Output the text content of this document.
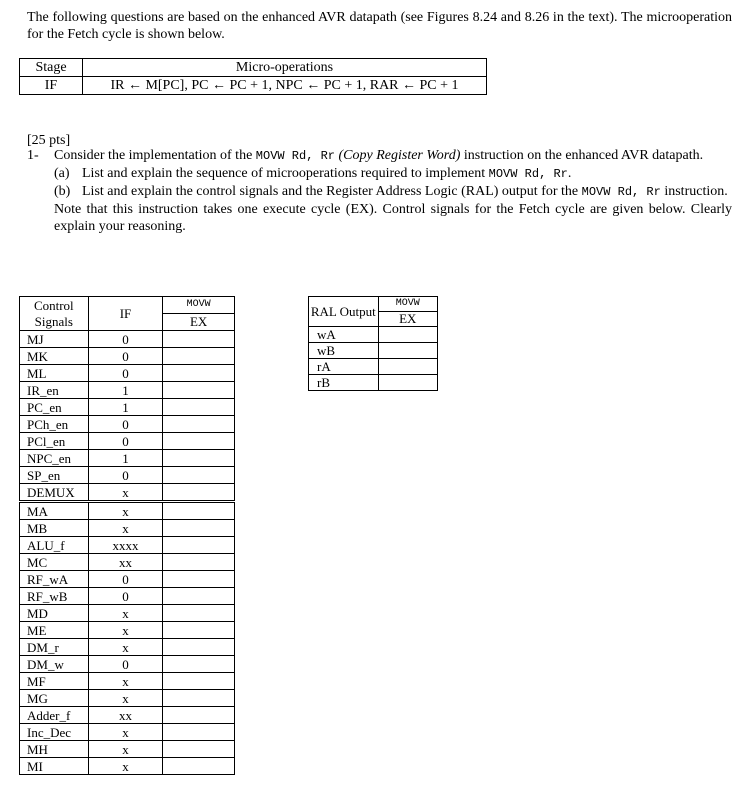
The following questions are based on the enhanced AVR datapath (see Figures 8.24 and 8.26 in the text). The microoperation for the Fetch cycle is shown below.
Stage	Micro-operations
IF	IR ← M[PC], PC ← PC + 1, NPC ← PC + 1, RAR ← PC + 1
[25 pts]
1- Consider the implementation of the MOVW Rd, Rr (Copy Register Word) instruction on the enhanced AVR datapath.
(a) List and explain the sequence of microoperations required to implement MOVW Rd, Rr.
(b) List and explain the control signals and the Register Address Logic (RAL) output for the MOVW Rd, Rr instruction.
Note that this instruction takes one execute cycle (EX). Control signals for the Fetch cycle are given below. Clearly explain your reasoning.
Control Signals	IF	MOVW
EX

MJ	0	
MK	0	
ML	0	
IR_en	1	
PC_en	1	
PCh_en	0	
PCl_en	0	
NPC_en	1	
SP_en	0	
DEMUX	x	
MA	x	
MB	x	
ALU_f	xxxx	
MC	xx	
RF_wA	0	
RF_wB	0	
MD	x	
ME	x	
DM_r	x	
DM_w	0	
MF	x	
MG	x	
Adder_f	xx	
Inc_Dec	x	
MH	x	
MI	x	
RAL Output	MOVW
EX

wA	
wB	
rA	
rB	
